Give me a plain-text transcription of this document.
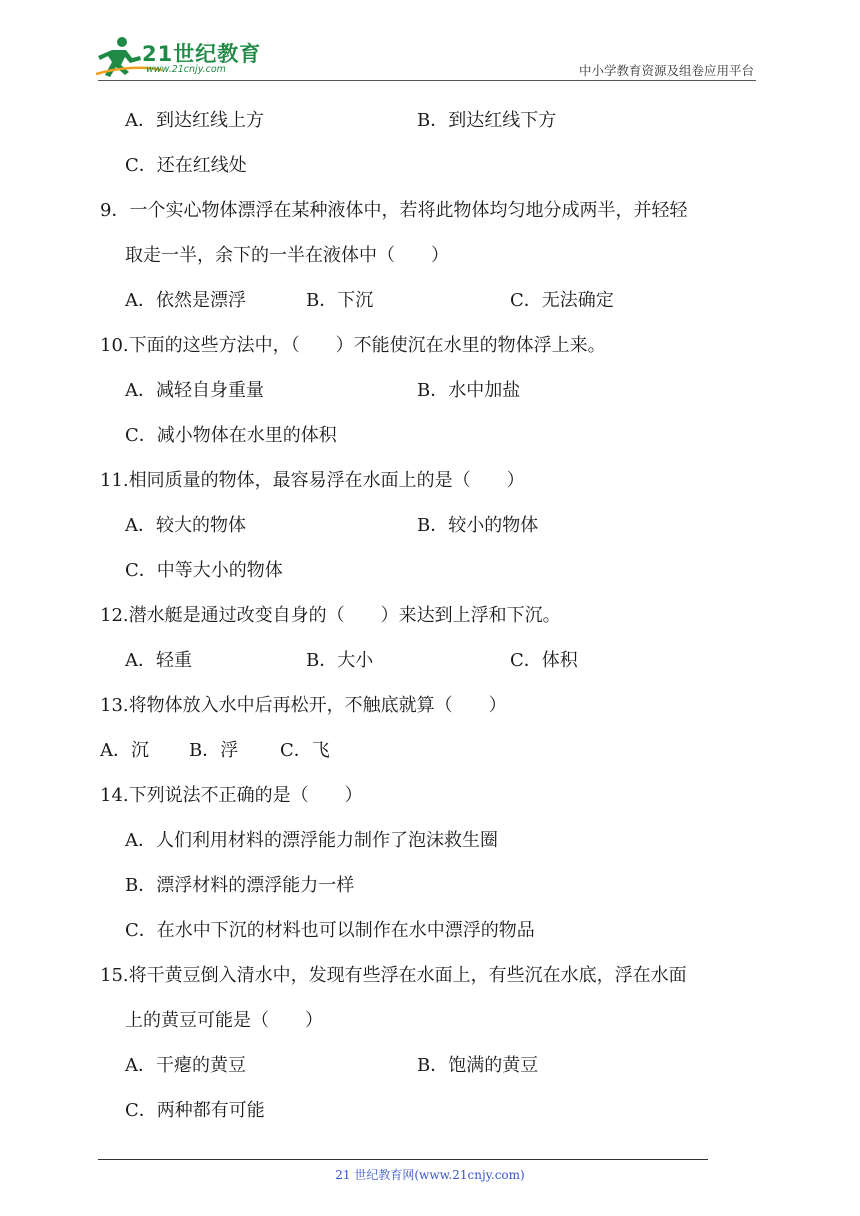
21世纪教育
www.21cnjy.com	中小学教育资源及组卷应用平台
A．到达红线上方	B．到达红线下方
C．还在红线处
9．一个实心物体漂浮在某种液体中，若将此物体均匀地分成两半，并轻轻
取走一半，余下的一半在液体中（　　）
A．依然是漂浮	B．下沉	C．无法确定
10.下面的这些方法中，（　　）不能使沉在水里的物体浮上来。
A．减轻自身重量	B．水中加盐
C．减小物体在水里的体积
11.相同质量的物体，最容易浮在水面上的是（　　）
A．较大的物体	B．较小的物体
C．中等大小的物体
12.潜水艇是通过改变自身的（　　）来达到上浮和下沉。
A．轻重	B．大小	C．体积
13.将物体放入水中后再松开，不触底就算（　　）
A．沉 B．浮 C．飞
14.下列说法不正确的是（　　）
A．人们利用材料的漂浮能力制作了泡沫救生圈
B．漂浮材料的漂浮能力一样
C．在水中下沉的材料也可以制作在水中漂浮的物品
15.将干黄豆倒入清水中，发现有些浮在水面上，有些沉在水底，浮在水面
上的黄豆可能是（　　）
A．干瘪的黄豆	B．饱满的黄豆
C．两种都有可能
21 世纪教育网(www.21cnjy.com)
